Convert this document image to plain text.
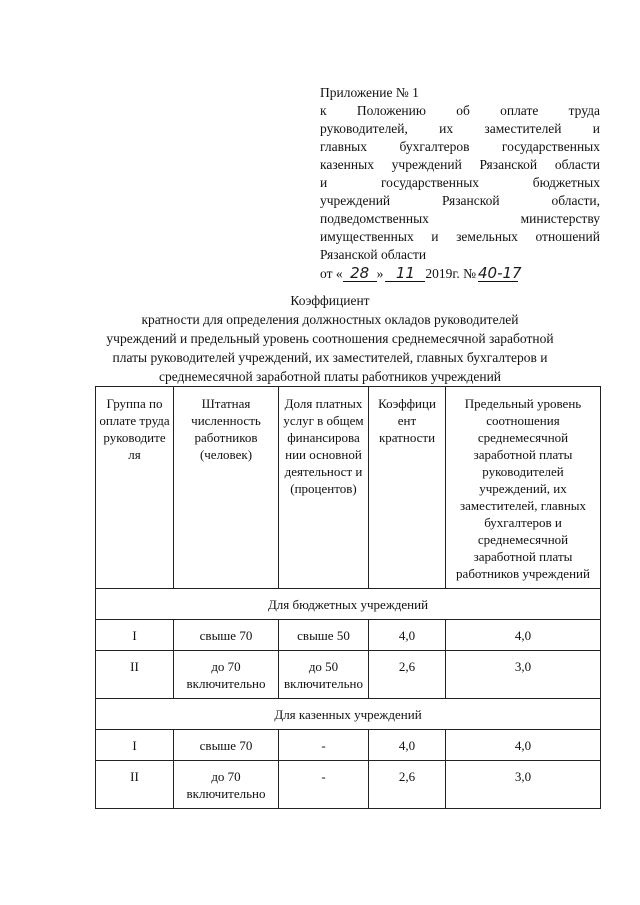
Приложение № 1
к Положению об оплате труда
руководителей, их заместителей и
главных бухгалтеров государственных
казенных учреждений Рязанской области
и государственных бюджетных
учреждений Рязанской области,
подведомственных министерству
имущественных и земельных отношений
Рязанской области
от « 28 » 11 2019г. № 40-17
Коэффициент
кратности для определения должностных окладов руководителей
учреждений и предельный уровень соотношения среднемесячной заработной
платы руководителей учреждений, их заместителей, главных бухгалтеров и
среднемесячной заработной платы работников учреждений
Группа по оплате труда руководите ля	Штатная численность работников (человек)	Доля платных услуг в общем финансирова нии основной деятельност и (процентов)	Коэффици ент кратности	Предельный уровень соотношения среднемесячной заработной платы руководителей учреждений, их заместителей, главных бухгалтеров и среднемесячной заработной платы работников учреждений
Для бюджетных учреждений				
I	свыше 70	свыше 50	4,0	4,0
II	до 70 включительно	до 50 включительно	2,6	3,0
Для казенных учреждений				
I	свыше 70	-	4,0	4,0
II	до 70 включительно	-	2,6	3,0
